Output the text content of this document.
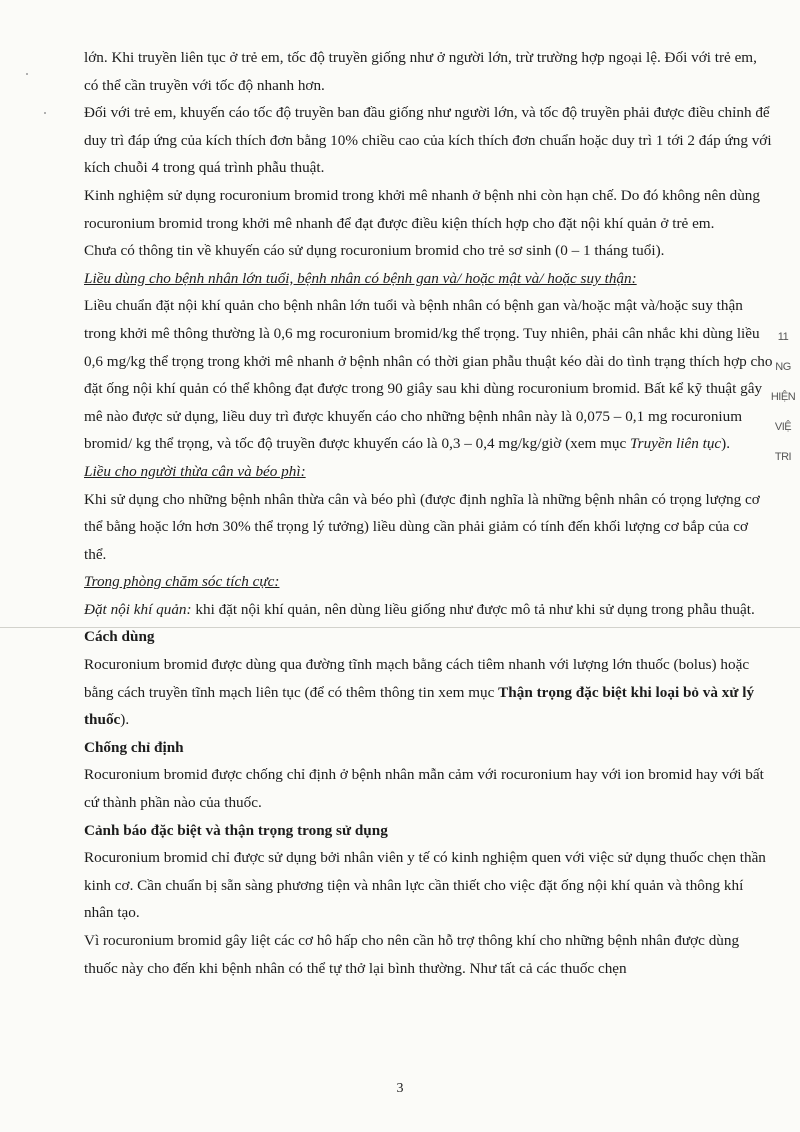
lớn. Khi truyền liên tục ở trẻ em, tốc độ truyền giống như ở người lớn, trừ trường hợp ngoại lệ. Đối với trẻ em, có thể cần truyền với tốc độ nhanh hơn.

Đối với trẻ em, khuyến cáo tốc độ truyền ban đầu giống như người lớn, và tốc độ truyền phải được điều chỉnh để duy trì đáp ứng của kích thích đơn bằng 10% chiều cao của kích thích đơn chuẩn hoặc duy trì 1 tới 2 đáp ứng với kích chuỗi 4 trong quá trình phẫu thuật.

Kinh nghiệm sử dụng rocuronium bromid trong khởi mê nhanh ở bệnh nhi còn hạn chế. Do đó không nên dùng rocuronium bromid trong khởi mê nhanh để đạt được điều kiện thích hợp cho đặt nội khí quản ở trẻ em.

Chưa có thông tin về khuyến cáo sử dụng rocuronium bromid cho trẻ sơ sinh (0 – 1 tháng tuổi).

Liều dùng cho bệnh nhân lớn tuổi, bệnh nhân có bệnh gan và/ hoặc mật và/ hoặc suy thận:

Liều chuẩn đặt nội khí quản cho bệnh nhân lớn tuổi và bệnh nhân có bệnh gan và/hoặc mật và/hoặc suy thận trong khởi mê thông thường là 0,6 mg rocuronium bromid/kg thể trọng. Tuy nhiên, phải cân nhắc khi dùng liều 0,6 mg/kg thể trọng trong khởi mê nhanh ở bệnh nhân có thời gian phẫu thuật kéo dài do tình trạng thích hợp cho đặt ống nội khí quản có thể không đạt được trong 90 giây sau khi dùng rocuronium bromid. Bất kể kỹ thuật gây mê nào được sử dụng, liều duy trì được khuyến cáo cho những bệnh nhân này là 0,075 – 0,1 mg rocuronium bromid/ kg thể trọng, và tốc độ truyền được khuyến cáo là 0,3 – 0,4 mg/kg/giờ (xem mục Truyền liên tục).

Liều cho người thừa cân và béo phì:

Khi sử dụng cho những bệnh nhân thừa cân và béo phì (được định nghĩa là những bệnh nhân có trọng lượng cơ thể bằng hoặc lớn hơn 30% thể trọng lý tưởng) liều dùng cần phải giảm có tính đến khối lượng cơ bắp của cơ thể.

Trong phòng chăm sóc tích cực:

Đặt nội khí quản: khi đặt nội khí quản, nên dùng liều giống như được mô tả như khi sử dụng trong phẫu thuật.

Cách dùng

Rocuronium bromid được dùng qua đường tĩnh mạch bằng cách tiêm nhanh với lượng lớn thuốc (bolus) hoặc bằng cách truyền tĩnh mạch liên tục (để có thêm thông tin xem mục Thận trọng đặc biệt khi loại bỏ và xử lý thuốc).

Chống chỉ định

Rocuronium bromid được chống chỉ định ở bệnh nhân mẫn cảm với rocuronium hay với ion bromid hay với bất cứ thành phần nào của thuốc.

Cảnh báo đặc biệt và thận trọng trong sử dụng

Rocuronium bromid chỉ được sử dụng bởi nhân viên y tế có kinh nghiệm quen với việc sử dụng thuốc chẹn thần kinh cơ. Cần chuẩn bị sẵn sàng phương tiện và nhân lực cần thiết cho việc đặt ống nội khí quản và thông khí nhân tạo.

Vì rocuronium bromid gây liệt các cơ hô hấp cho nên cần hỗ trợ thông khí cho những bệnh nhân được dùng thuốc này cho đến khi bệnh nhân có thể tự thở lại bình thường. Như tất cả các thuốc chẹn

11
NG
HIỆN
VIỆ
TRI
3
